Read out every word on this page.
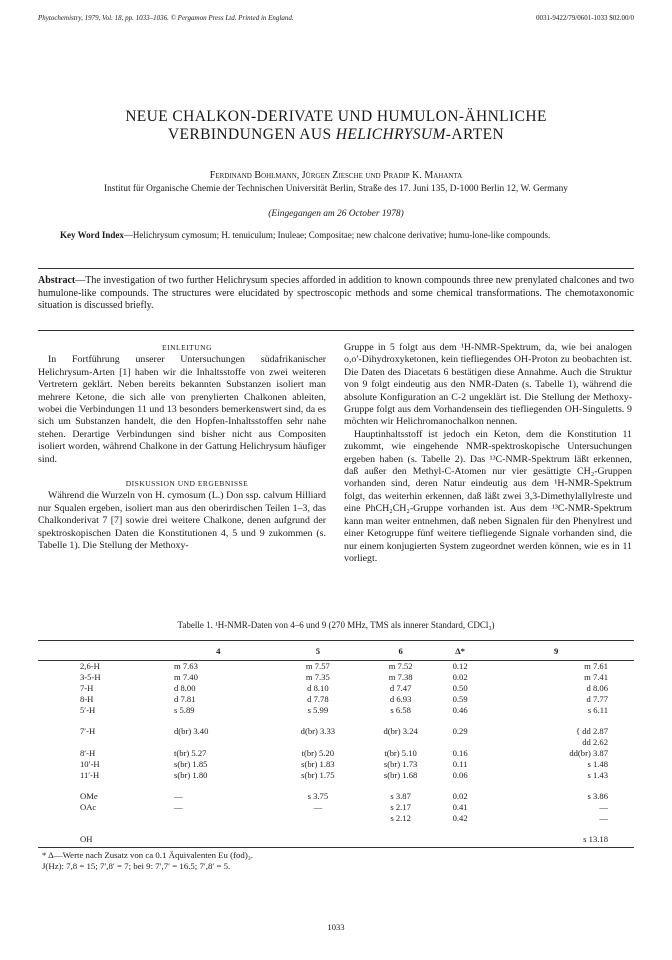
Phytochemistry, 1979, Vol. 18, pp. 1033–1036. © Pergamon Press Ltd. Printed in England.	0031-9422/79/0601-1033 $02.00/0
NEUE CHALKON-DERIVATE UND HUMULON-ÄHNLICHE
VERBINDUNGEN AUS HELICHRYSUM-ARTEN
Ferdinand Bohlmann, Jürgen Ziesche und Pradip K. Mahanta
Institut für Organische Chemie der Technischen Universität Berlin, Straße des 17. Juni 135, D-1000 Berlin 12, W. Germany
(Eingegangen am 26 October 1978)
Key Word Index—Helichrysum cymosum; H. tenuiculum; Inuleae; Compositae; new chalcone derivative; humu-lone-like compounds.
Abstract—The investigation of two further Helichrysum species afforded in addition to known compounds three new prenylated chalcones and two humulone-like compounds. The structures were elucidated by spectroscopic methods and some chemical transformations. The chemotaxonomic situation is discussed briefly.

EINLEITUNG

In Fortführung unserer Untersuchungen südafrikanischer Helichrysum-Arten [1] haben wir die Inhaltsstoffe von zwei weiteren Vertretern geklärt. Neben bereits bekannten Substanzen isoliert man mehrere Ketone, die sich alle von prenylierten Chalkonen ableiten, wobei die Verbindungen 11 und 13 besonders bemerkenswert sind, da es sich um Substanzen handelt, die den Hopfen-Inhaltsstoffen sehr nahe stehen. Derartige Verbindungen sind bisher nicht aus Compositen isoliert worden, während Chalkone in der Gattung Helichrysum häufiger sind.

DISKUSSION UND ERGEBNISSE

Während die Wurzeln von H. cymosum (L.) Don ssp. calvum Hilliard nur Squalen ergeben, isoliert man aus den oberirdischen Teilen 1–3, das Chalkonderivat 7 [7] sowie drei weitere Chalkone, denen aufgrund der spektroskopischen Daten die Konstitutionen 4, 5 und 9 zukommen (s. Tabelle 1). Die Stellung der Methoxy-

Gruppe in 5 folgt aus dem ¹H-NMR-Spektrum, da, wie bei analogen o,o′-Dihydroxyketonen, kein tiefliegendes OH-Proton zu beobachten ist. Die Daten des Diacetats 6 bestätigen diese Annahme. Auch die Struktur von 9 folgt eindeutig aus den NMR-Daten (s. Tabelle 1), während die absolute Konfiguration an C-2 ungeklärt ist. Die Stellung der Methoxy-Gruppe folgt aus dem Vorhandensein des tiefliegenden OH-Singuletts. 9 möchten wir Helichromanochalkon nennen.

Hauptinhaltsstoff ist jedoch ein Keton, dem die Konstitution 11 zukommt, wie eingehende NMR-spektroskopische Untersuchungen ergeben haben (s. Tabelle 2). Das ¹³C-NMR-Spektrum läßt erkennen, daß außer den Methyl-C-Atomen nur vier gesättigte CH₂-Gruppen vorhanden sind, deren Natur eindeutig aus dem ¹H-NMR-Spektrum folgt, das weiterhin erkennen, daß läßt zwei 3,3-Dimethylallylreste und eine PhCH₂CH₂-Gruppe vorhanden ist. Aus dem ¹³C-NMR-Spektrum kann man weiter entnehmen, daß neben Signalen für den Phenylrest und einer Ketogruppe fünf weitere tiefliegende Signale vorhanden sind, die nur einem konjugierten System zugeordnet werden können, wie es in 11 vorliegt.

Tabelle 1. ¹H-NMR-Daten von 4–6 und 9 (270 MHz, TMS als innerer Standard, CDCl₃)
	4	5	6	Δ*	9
2,6-H	m 7.63	m 7.57	m 7.52	0.12	m 7.61
3-5-H	m 7.40	m 7.35	m 7.38	0.02	m 7.41
7-H	d 8.00	d 8.10	d 7.47	0.50	d 8.06
8-H	d 7.81	d 7.78	d 6.93	0.59	d 7.77
5′-H	s 5.89	s 5.99	s 6.58	0.46	s 6.11

7′-H	d(br) 3.40	d(br) 3.33	d(br) 3.24	0.29	{ dd 2.87
					dd 2.62
8′-H	t(br) 5.27	t(br) 5.20	t(br) 5.10	0.16	dd(br) 3.87
10′-H	s(br) 1.85	s(br) 1.83	s(br) 1.73	0.11	s 1.48
11′-H	s(br) 1.80	s(br) 1.75	s(br) 1.68	0.06	s 1.43

OMe	—	s 3.75	s 3.87	0.02	s 3.86
OAc	—	—	s 2.17	0.41	—
			s 2.12	0.42	—

OH					s 13.18
* Δ—Werte nach Zusatz von ca 0.1 Äquivalenten Eu (fod)₃.
J(Hz): 7,8 = 15; 7′,8′ = 7; bei 9: 7′,7′ = 16.5; 7′,8′ = 5.
1033
